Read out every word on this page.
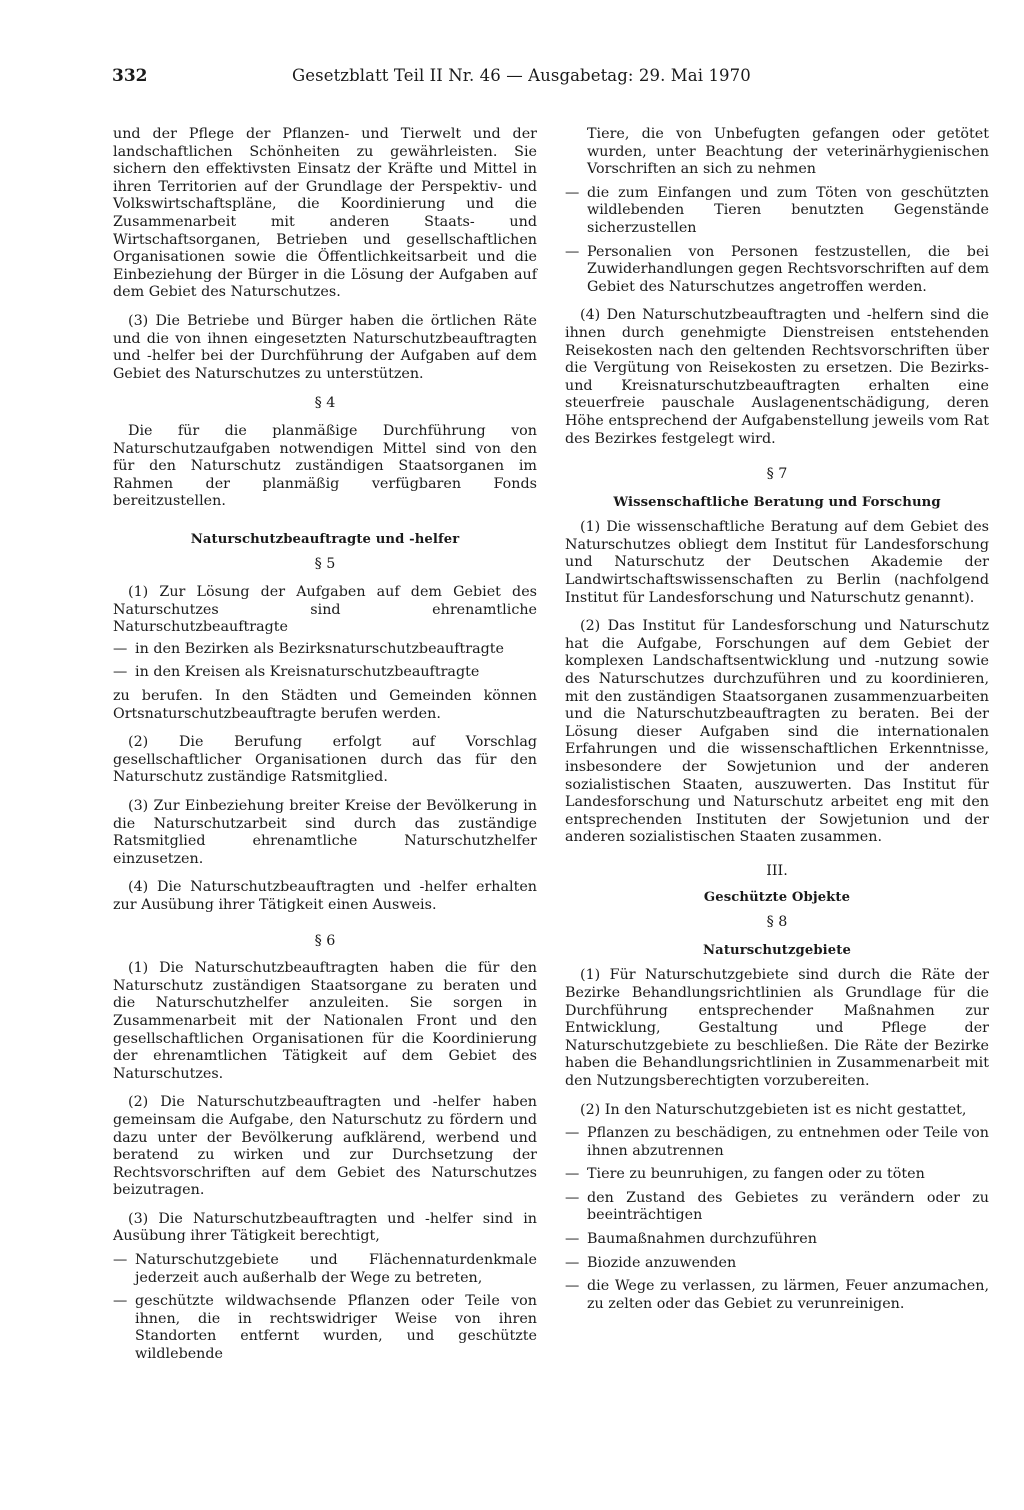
332	Gesetzblatt Teil II Nr. 46 — Ausgabetag: 29. Mai 1970

und der Pflege der Pflanzen- und Tierwelt und der landschaftlichen Schönheiten zu gewährleisten. Sie sichern den effektivsten Einsatz der Kräfte und Mittel in ihren Territorien auf der Grundlage der Perspektiv- und Volkswirtschaftspläne, die Koordinierung und die Zusammenarbeit mit anderen Staats- und Wirtschaftsorganen, Betrieben und gesellschaftlichen Organisationen sowie die Öffentlichkeitsarbeit und die Einbeziehung der Bürger in die Lösung der Aufgaben auf dem Gebiet des Naturschutzes.

(3) Die Betriebe und Bürger haben die örtlichen Räte und die von ihnen eingesetzten Naturschutzbeauftragten und -helfer bei der Durchführung der Aufgaben auf dem Gebiet des Naturschutzes zu unterstützen.

§ 4

Die für die planmäßige Durchführung von Naturschutzaufgaben notwendigen Mittel sind von den für den Naturschutz zuständigen Staatsorganen im Rahmen der planmäßig verfügbaren Fonds bereitzustellen.

Naturschutzbeauftragte und -helfer
§ 5

(1) Zur Lösung der Aufgaben auf dem Gebiet des Naturschutzes sind ehrenamtliche Naturschutzbeauftragte

— in den Bezirken als Bezirksnaturschutzbeauftragte
— in den Kreisen als Kreisnaturschutzbeauftragte

zu berufen. In den Städten und Gemeinden können Ortsnaturschutzbeauftragte berufen werden.

(2) Die Berufung erfolgt auf Vorschlag gesellschaftlicher Organisationen durch das für den Naturschutz zuständige Ratsmitglied.

(3) Zur Einbeziehung breiter Kreise der Bevölkerung in die Naturschutzarbeit sind durch das zuständige Ratsmitglied ehrenamtliche Naturschutzhelfer einzusetzen.

(4) Die Naturschutzbeauftragten und -helfer erhalten zur Ausübung ihrer Tätigkeit einen Ausweis.

§ 6

(1) Die Naturschutzbeauftragten haben die für den Naturschutz zuständigen Staatsorgane zu beraten und die Naturschutzhelfer anzuleiten. Sie sorgen in Zusammenarbeit mit der Nationalen Front und den gesellschaftlichen Organisationen für die Koordinierung der ehrenamtlichen Tätigkeit auf dem Gebiet des Naturschutzes.

(2) Die Naturschutzbeauftragten und -helfer haben gemeinsam die Aufgabe, den Naturschutz zu fördern und dazu unter der Bevölkerung aufklärend, werbend und beratend zu wirken und zur Durchsetzung der Rechtsvorschriften auf dem Gebiet des Naturschutzes beizutragen.

(3) Die Naturschutzbeauftragten und -helfer sind in Ausübung ihrer Tätigkeit berechtigt,

— Naturschutzgebiete und Flächennaturdenkmale jederzeit auch außerhalb der Wege zu betreten,
— geschützte wildwachsende Pflanzen oder Teile von ihnen, die in rechtswidriger Weise von ihren Standorten entfernt wurden, und geschützte wildlebende
Tiere, die von Unbefugten gefangen oder getötet wurden, unter Beachtung der veterinärhygienischen Vorschriften an sich zu nehmen
— die zum Einfangen und zum Töten von geschützten wildlebenden Tieren benutzten Gegenstände sicherzustellen
— Personalien von Personen festzustellen, die bei Zuwiderhandlungen gegen Rechtsvorschriften auf dem Gebiet des Naturschutzes angetroffen werden.

(4) Den Naturschutzbeauftragten und -helfern sind die ihnen durch genehmigte Dienstreisen entstehenden Reisekosten nach den geltenden Rechtsvorschriften über die Vergütung von Reisekosten zu ersetzen. Die Bezirks- und Kreisnaturschutzbeauftragten erhalten eine steuerfreie pauschale Auslagenentschädigung, deren Höhe entsprechend der Aufgabenstellung jeweils vom Rat des Bezirkes festgelegt wird.

§ 7
Wissenschaftliche Beratung und Forschung

(1) Die wissenschaftliche Beratung auf dem Gebiet des Naturschutzes obliegt dem Institut für Landesforschung und Naturschutz der Deutschen Akademie der Landwirtschaftswissenschaften zu Berlin (nachfolgend Institut für Landesforschung und Naturschutz genannt).

(2) Das Institut für Landesforschung und Naturschutz hat die Aufgabe, Forschungen auf dem Gebiet der komplexen Landschaftsentwicklung und -nutzung sowie des Naturschutzes durchzuführen und zu koordinieren, mit den zuständigen Staatsorganen zusammenzuarbeiten und die Naturschutzbeauftragten zu beraten. Bei der Lösung dieser Aufgaben sind die internationalen Erfahrungen und die wissenschaftlichen Erkenntnisse, insbesondere der Sowjetunion und der anderen sozialistischen Staaten, auszuwerten. Das Institut für Landesforschung und Naturschutz arbeitet eng mit den entsprechenden Instituten der Sowjetunion und der anderen sozialistischen Staaten zusammen.

III.
Geschützte Objekte
§ 8
Naturschutzgebiete

(1) Für Naturschutzgebiete sind durch die Räte der Bezirke Behandlungsrichtlinien als Grundlage für die Durchführung entsprechender Maßnahmen zur Entwicklung, Gestaltung und Pflege der Naturschutzgebiete zu beschließen. Die Räte der Bezirke haben die Behandlungsrichtlinien in Zusammenarbeit mit den Nutzungsberechtigten vorzubereiten.

(2) In den Naturschutzgebieten ist es nicht gestattet,

— Pflanzen zu beschädigen, zu entnehmen oder Teile von ihnen abzutrennen
— Tiere zu beunruhigen, zu fangen oder zu töten
— den Zustand des Gebietes zu verändern oder zu beeinträchtigen
— Baumaßnahmen durchzuführen
— Biozide anzuwenden
— die Wege zu verlassen, zu lärmen, Feuer anzumachen, zu zelten oder das Gebiet zu verunreinigen.
